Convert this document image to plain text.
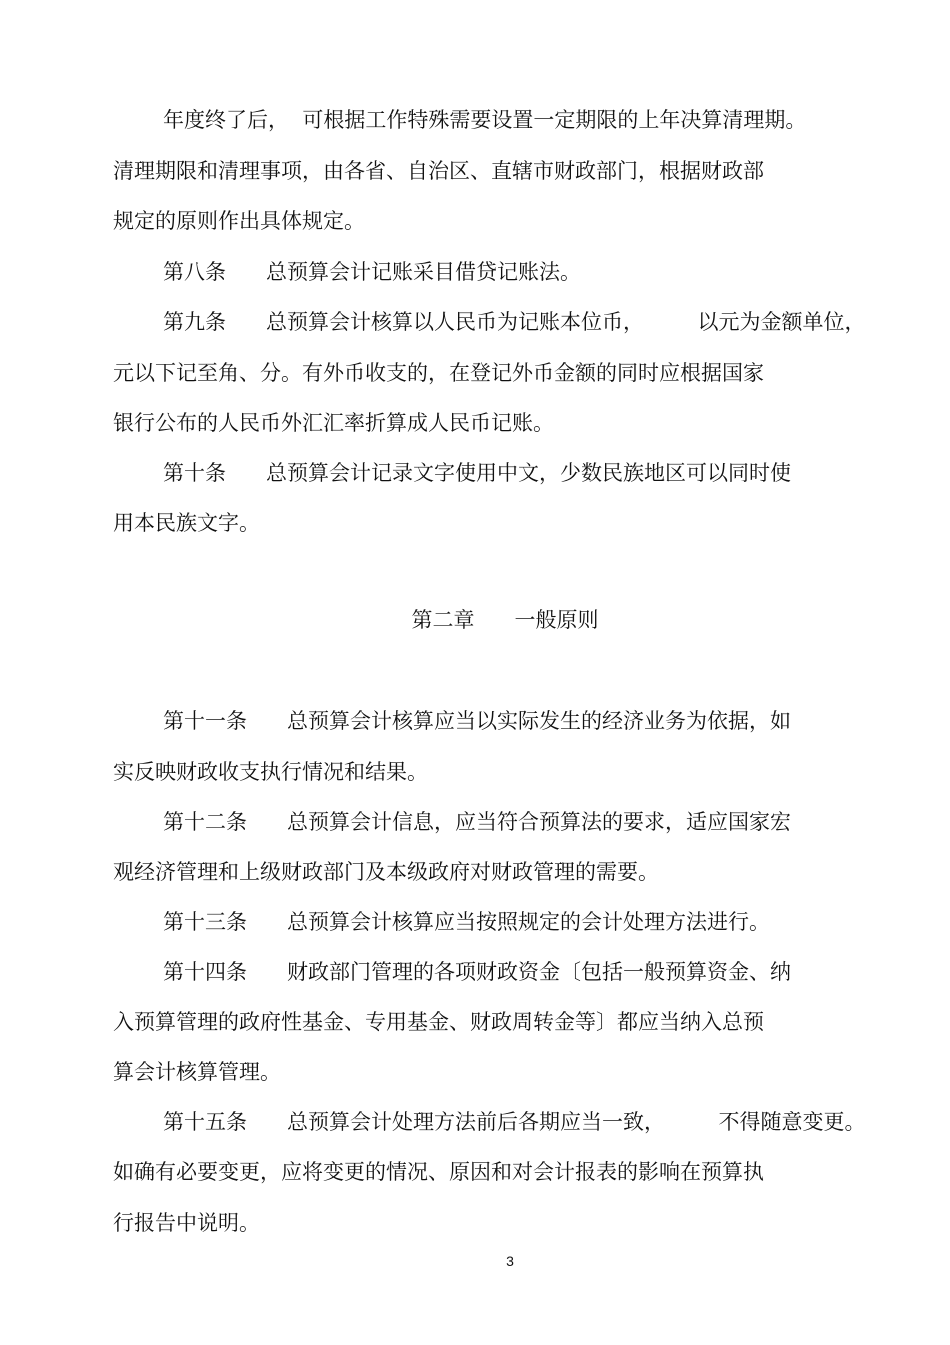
年度终了后，  可根据工作特殊需要设置一定期限的上年决算清理期。
清理期限和清理事项，由各省、自治区、直辖市财政部门，根据财政部
规定的原则作出具体规定。
第八条      总预算会计记账采目借贷记账法。
第九条      总预算会计核算以人民币为记账本位币，        以元为金额单位，
元以下记至角、分。有外币收支的，在登记外币金额的同时应根据国家
银行公布的人民币外汇汇率折算成人民币记账。
第十条      总预算会计记录文字使用中文，少数民族地区可以同时使
用本民族文字。
第二章      一般原则
第十一条      总预算会计核算应当以实际发生的经济业务为依据，如
实反映财政收支执行情况和结果。
第十二条      总预算会计信息，应当符合预算法的要求，适应国家宏
观经济管理和上级财政部门及本级政府对财政管理的需要。
第十三条      总预算会计核算应当按照规定的会计处理方法进行。
第十四条      财政部门管理的各项财政资金〔包括一般预算资金、纳
入预算管理的政府性基金、专用基金、财政周转金等〕都应当纳入总预
算会计核算管理。
第十五条      总预算会计处理方法前后各期应当一致，        不得随意变更。
如确有必要变更，应将变更的情况、原因和对会计报表的影响在预算执
行报告中说明。
3
